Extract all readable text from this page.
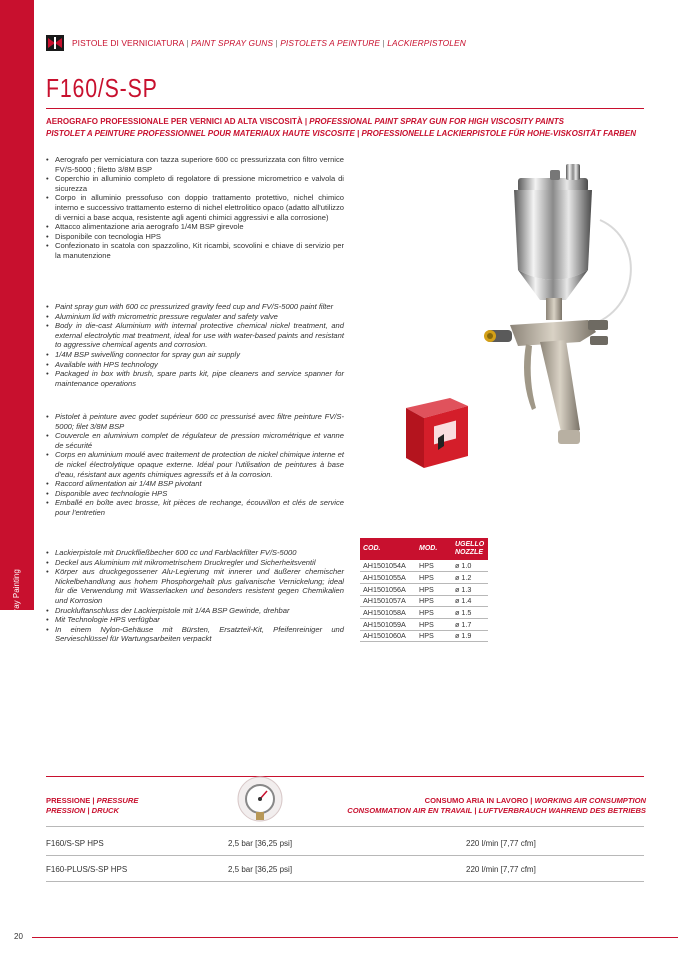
Verniciatura | Spray Painting
PISTOLE DI VERNICIATURA | PAINT SPRAY GUNS | PISTOLETS A PEINTURE | LACKIERPISTOLEN
F160/S-SP
AEROGRAFO PROFESSIONALE PER VERNICI AD ALTA VISCOSITÀ | PROFESSIONAL PAINT SPRAY GUN FOR HIGH VISCOSITY PAINTS
PISTOLET A PEINTURE PROFESSIONNEL POUR MATERIAUX HAUTE VISCOSITE | PROFESSIONELLE LACKIERPISTOLE FÜR HOHE-VISKOSITÄT FARBEN
• Aerografo per verniciatura con tazza superiore 600 cc pressurizzata con filtro vernice FV/S-5000 ; filetto 3/8M BSP
• Coperchio in alluminio completo di regolatore di pressione micrometrico e valvola di sicurezza
• Corpo in alluminio pressofuso con doppio trattamento protettivo, nichel chimico interno e successivo trattamento esterno di nichel elettrolitico opaco (adatto all'utilizzo di vernici a base acqua, resistente agli agenti chimici aggressivi e alla corrosione)
• Attacco alimentazione aria aerografo 1/4M BSP girevole
• Disponibile con tecnologia HPS
• Confezionato in scatola con spazzolino, Kit ricambi, scovolini e chiave di servizio per la manutenzione
• Paint spray gun with 600 cc pressurized gravity feed cup and FV/S-5000 paint filter
• Aluminium lid with micrometric pressure regulater and safety valve
• Body in die-cast Aluminium with internal protective chemical nickel treatment, and external electrolytic mat treatment, ideal for use with water-based paints and resistant to aggressive chemical agents and corrosion.
• 1/4M BSP swivelling connector for spray gun air supply
• Available with HPS technology
• Packaged in box with brush, spare parts kit, pipe cleaners and service spanner for maintenance operations
• Pistolet à peinture avec godet supérieur 600 cc pressurisé avec filtre peinture FV/S-5000; filet 3/8M BSP
• Couvercle en aluminium complet de régulateur de pression micrométrique et vanne de sécurité
• Corps en aluminium moulé avec traitement de protection de nickel chimique interne et de nickel électrolytique opaque externe. Idéal pour l'utilisation de peintures à base d'eau, résistant aux agents chimiques agressifs et à la corrosion.
• Raccord alimentation air 1/4M BSP pivotant
• Disponible avec technologie HPS
• Emballé en boîte avec brosse, kit pièces de rechange, écouvillon et clés de service pour l'entretien
• Lackierpistole mit Druckfließbecher 600 cc und Farblackfilter FV/S-5000
• Deckel aus Aluminium mit mikrometrischem Druckregler und Sicherheitsventil
• Körper aus druckgegossener Alu-Legierung mit innerer und äußerer chemischer Nickelbehandlung aus hohem Phosphorgehalt plus galvanische Vernickelung; ideal für die Verwendung mit Wasserlacken und besonders resistent gegen Chemikalien und Korrosion
• Druckluftanschluss der Lackierpistole mit 1/4A BSP Gewinde, drehbar
• Mit Technologie HPS verfügbar
• In einem Nylon-Gehäuse mit Bürsten, Ersatzteil-Kit, Pfeifenreiniger und Servieschlüssel für Wartungsarbeiten verpackt
COD.	MOD.	UGELLO
NOZZLE

AH1501054A	HPS	ø 1.0
AH1501055A	HPS	ø 1.2
AH1501056A	HPS	ø 1.3
AH1501057A	HPS	ø 1.4
AH1501058A	HPS	ø 1.5
AH1501059A	HPS	ø 1.7
AH1501060A	HPS	ø 1.9
PRESSIONE | PRESSURE
PRESSION | DRUCK
CONSUMO ARIA IN LAVORO | WORKING AIR CONSUMPTION
CONSOMMATION AIR EN TRAVAIL | LUFTVERBRAUCH WAHREND DES BETRIEBS
F160/S-SP HPS	2,5 bar [36,25 psi]	220 l/min [7,77 cfm]
F160-PLUS/S-SP HPS	2,5 bar [36,25 psi]	220 l/min [7,77 cfm]
20
